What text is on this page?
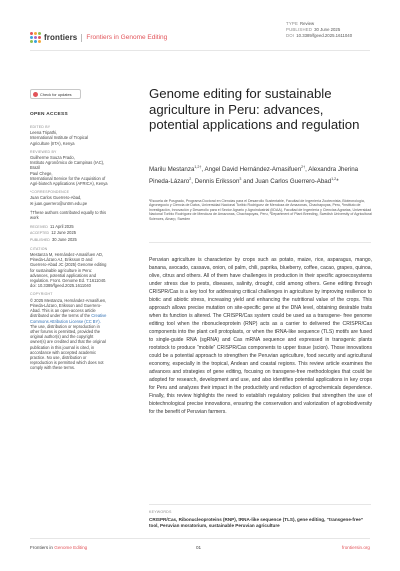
frontiers Frontiers in Genome Editing
TYPE Review
PUBLISHED 30 June 2025
DOI 10.3389/fgeed.2025.1611040
Check for updates
OPEN ACCESS
EDITED BY
Leena Tripathi,
International Institute of Tropical Agriculture (IITA), Kenya
REVIEWED BY
Guilherme Souza Prado,
Instituto Agronômico de Campinas (IAC), Brazil
Paul Chege,
International Service for the Acquisition of Agri-biotech Applications (AFRICA), Kenya
*CORRESPONDENCE
Juan Carlos Guerrero-Abad,
✉ juan.guerrero@untrm.edu.pe
†These authors contributed equally to this work
RECEIVED 11 April 2025
ACCEPTED 12 June 2025
PUBLISHED 30 June 2025
CITATION
Mestanza M, Hernández-Amasifuen AD, Pineda-Lázaro AJ, Eriksson D and Guerrero-Abad JC (2025) Genome editing for sustainable agriculture in Peru: advances, potential applications and regulation. Front. Genome Ed. 7:1611040. doi: 10.3389/fgeed.2025.1611040
COPYRIGHT
© 2025 Mestanza, Hernández-Amasifuen, Pineda-Lázaro, Eriksson and Guerrero-Abad. This is an open-access article distributed under the terms of the Creative Commons Attribution License (CC BY). The use, distribution or reproduction in other forums is permitted, provided the original author(s) and the copyright owner(s) are credited and that the original publication in this journal is cited, in accordance with accepted academic practice. No use, distribution or reproduction is permitted which does not comply with these terms.
Genome editing for sustainable agriculture in Peru: advances, potential applications and regulation
Marilu Mestanza$^{1,2\dagger}$, Angel David Hernández-Amasifuen$^{2\dagger}$, Alexandra Jherina Pineda-Lázaro$^2$, Dennis Eriksson$^3$ and Juan Carlos Guerrero-Abad$^{1,2}$*
¹Escuela de Posgrado, Programa Doctoral en Ciencias para el Desarrollo Sustentable, Facultad de Ingeniería Zootecnista, Biotecnología, Agronegocio y Ciencia de Datos, Universidad Nacional Toribio Rodríguez de Mendoza de Amazonas, Chachapoyas, Peru, ²Instituto de Investigación, Innovación y Desarrollo para el Sector Agrario y Agroindustrial (IIDAA), Facultad de Ingeniería y Ciencias Agrarias, Universidad Nacional Toribio Rodríguez de Mendoza de Amazonas, Chachapoyas, Peru, ³Department of Plant Breeding, Swedish University of Agricultural Sciences, Alnarp, Sweden

Peruvian agriculture is characterize by crops such as potato, maize, rice, asparagus, mango, banana, avocado, cassava, onion, oil palm, chili, paprika, blueberry, coffee, cacao, grapes, quinoa, olive, citrus and others. All of them have challenges in production in their specific agroecosystems under stress due to pests, diseases, salinity, drought, cold among others. Gene editing through CRISPR/Cas is a key tool for addressing critical challenges in agriculture by improving resilience to biotic and abiotic stress, increasing yield and enhancing the nutritional value of the crops. This approach allows precise mutation on site-specific gene at the DNA level, obtaining desirable traits when its function is altered. The CRISPR/Cas system could be used as a transgene- free genome editing tool when the ribonucleoprotein (RNP) acts as a carrier to delivered the CRISPR/Cas components into the plant cell protoplasts, or when the tRNA-like sequence (TLS) motifs are fused to single-guide RNA (sgRNA) and Cas mRNA sequence and expressed in transgenic plants rootstock to produce “mobile” CRISPR/Cas components to upper tissue (scion). Those innovations could be a potential approach to strengthen the Peruvian agriculture, food security and agricultural economy, especially in the tropical, Andean and coastal regions. This review article examines the advances and strategies of gene editing, focusing on transgene-free methodologies that could be adopted for research, development and use, and also identifies potential applications in key crops for Peru and analyzes their impact in the productivity and reduction of agrochemicals dependence. Finally, this review highlights the need to establish regulatory policies that strengthen the use of biotechnological precise innovations, ensuring the conservation and valorization of agrobiodiversity for the benefit of Peruvian farmers.

KEYWORDS
CRISPR/Cas, Ribonucleoproteins (RNP), tRNA-like sequence (TLS), gene editing, “transgene-free” tool, Peruvian moratorium, sustainable Peruvian agriculture
Frontiers in Genome Editing	01	frontiersin.org
